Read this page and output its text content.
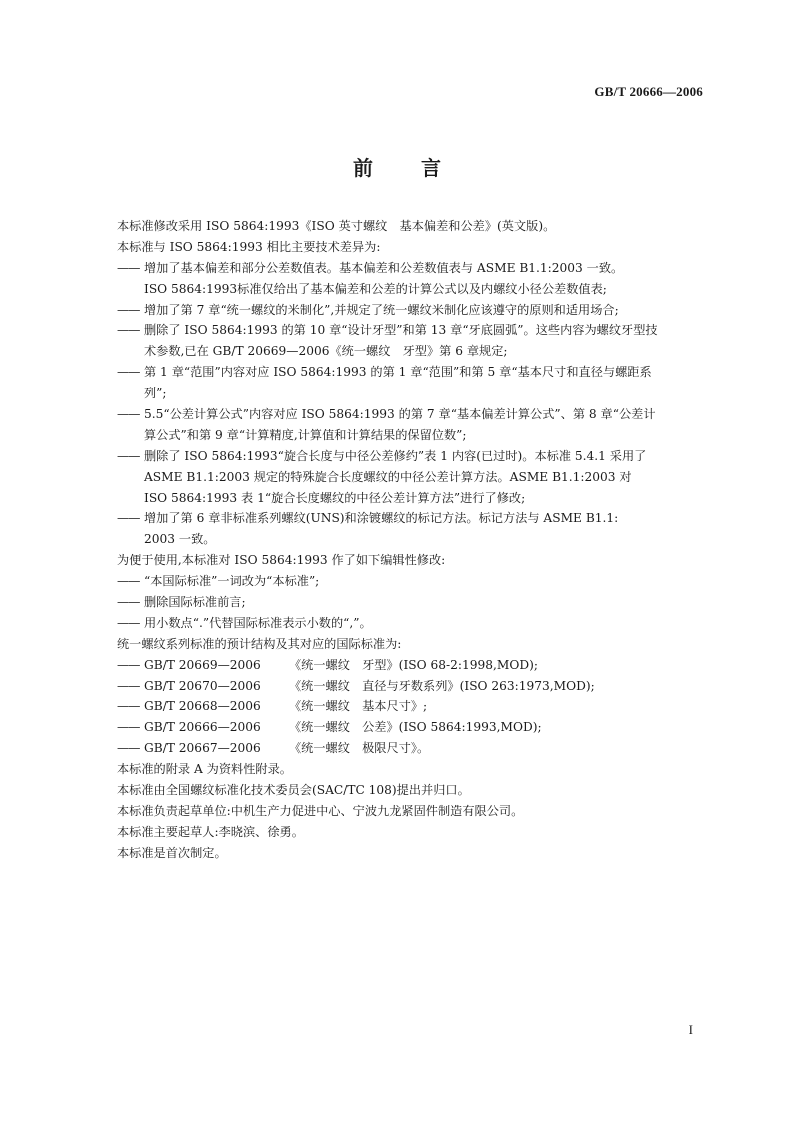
GB/T 20666—2006
前言
本标准修改采用 ISO 5864:1993《ISO 英寸螺纹　基本偏差和公差》(英文版)。
本标准与 ISO 5864:1993 相比主要技术差异为:
—— 增加了基本偏差和部分公差数值表。基本偏差和公差数值表与 ASME B1.1:2003 一致。
ISO 5864:1993标准仅给出了基本偏差和公差的计算公式以及内螺纹小径公差数值表;
—— 增加了第 7 章“统一螺纹的米制化”,并规定了统一螺纹米制化应该遵守的原则和适用场合;
—— 删除了 ISO 5864:1993 的第 10 章“设计牙型”和第 13 章“牙底圆弧”。这些内容为螺纹牙型技
术参数,已在 GB/T 20669—2006《统一螺纹　牙型》第 6 章规定;
—— 第 1 章“范围”内容对应 ISO 5864:1993 的第 1 章“范围”和第 5 章“基本尺寸和直径与螺距系
列”;
—— 5.5“公差计算公式”内容对应 ISO 5864:1993 的第 7 章“基本偏差计算公式”、第 8 章“公差计
算公式”和第 9 章“计算精度,计算值和计算结果的保留位数”;
—— 删除了 ISO 5864:1993“旋合长度与中径公差修约”表 1 内容(已过时)。本标准 5.4.1 采用了
ASME B1.1:2003 规定的特殊旋合长度螺纹的中径公差计算方法。ASME B1.1:2003 对
ISO 5864:1993 表 1“旋合长度螺纹的中径公差计算方法”进行了修改;
—— 增加了第 6 章非标准系列螺纹(UNS)和涂镀螺纹的标记方法。标记方法与 ASME B1.1:
2003 一致。
为便于使用,本标准对 ISO 5864:1993 作了如下编辑性修改:
—— “本国际标准”一词改为“本标准”;
—— 删除国际标准前言;
—— 用小数点“.”代替国际标准表示小数的“,”。
统一螺纹系列标准的预计结构及其对应的国际标准为:
—— GB/T 20669—2006 《统一螺纹　牙型》(ISO 68-2:1998,MOD);
—— GB/T 20670—2006 《统一螺纹　直径与牙数系列》(ISO 263:1973,MOD);
—— GB/T 20668—2006 《统一螺纹　基本尺寸》;
—— GB/T 20666—2006 《统一螺纹　公差》(ISO 5864:1993,MOD);
—— GB/T 20667—2006 《统一螺纹　极限尺寸》。
本标准的附录 A 为资料性附录。
本标准由全国螺纹标准化技术委员会(SAC/TC 108)提出并归口。
本标准负责起草单位:中机生产力促进中心、宁波九龙紧固件制造有限公司。
本标准主要起草人:李晓滨、徐勇。
本标准是首次制定。
I
